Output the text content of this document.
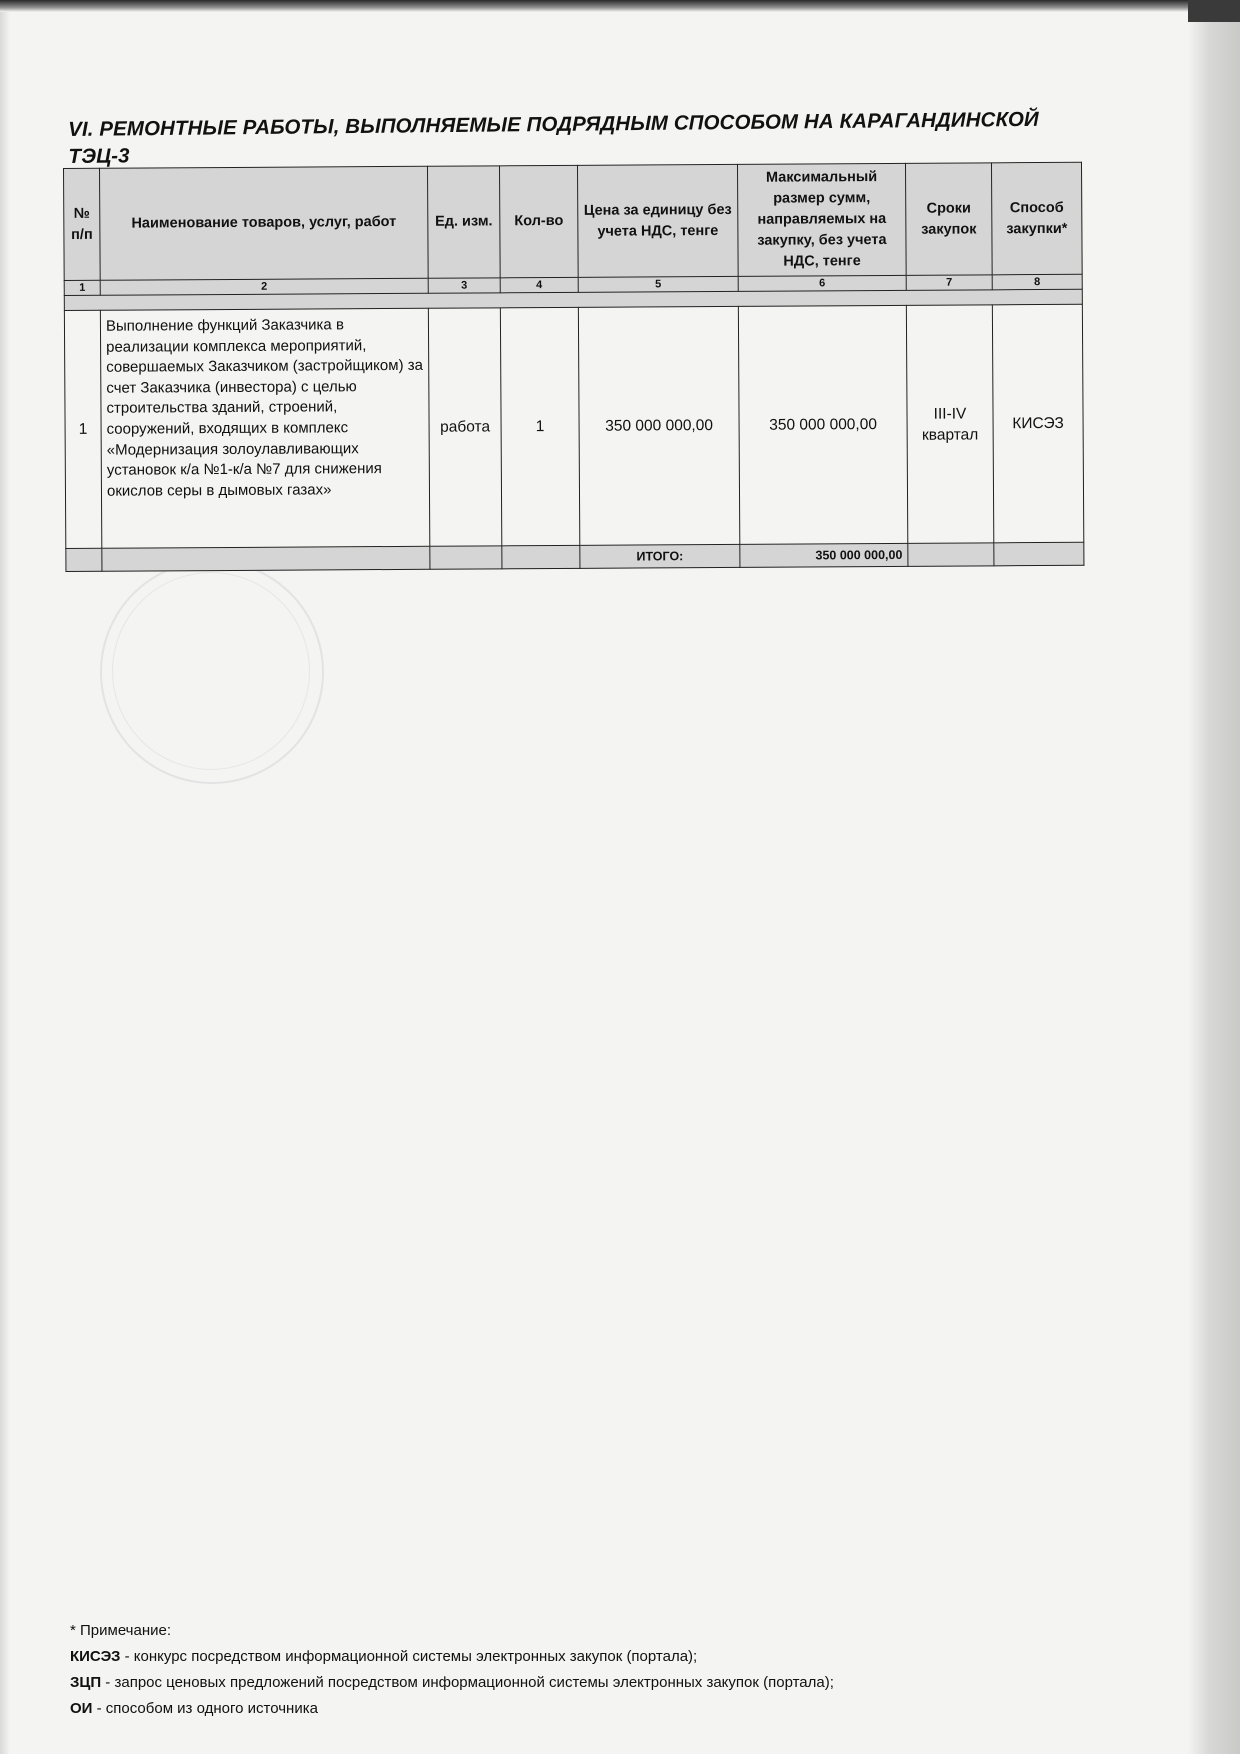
VI. РЕМОНТНЫЕ РАБОТЫ, ВЫПОЛНЯЕМЫЕ ПОДРЯДНЫМ СПОСОБОМ НА КАРАГАНДИНСКОЙ ТЭЦ-3
№ п/п	Наименование товаров, услуг, работ	Ед. изм.	Кол-во	Цена за единицу без учета НДС, тенге	Максимальный размер сумм, направляемых на закупку, без учета НДС, тенге	Сроки закупок	Способ закупки*
1	2	3	4	5	6	7	8

1	Выполнение функций Заказчика в реализации комплекса мероприятий, совершаемых Заказчиком (застройщиком) за счет Заказчика (инвестора) с целью строительства зданий, строений, сооружений, входящих в комплекс «Модернизация золоулавливающих установок к/а №1-к/а №7 для снижения окислов серы в дымовых газах»	работа	1	350 000 000,00	350 000 000,00	III-IV квартал	КИСЭЗ
				ИТОГО:	350 000 000,00		
* Примечание:
КИСЭЗ - конкурс посредством информационной системы электронных закупок (портала);
ЗЦП - запрос ценовых предложений посредством информационной системы электронных закупок (портала);
ОИ - способом из одного источника
